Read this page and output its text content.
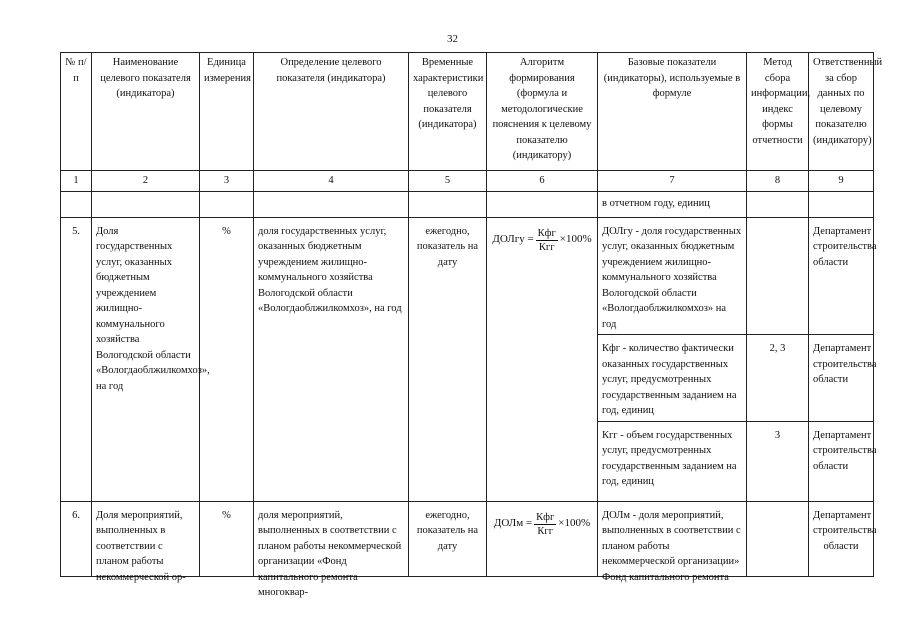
32
№ п/п	Наименование целевого показателя (индикатора)	Единица измерения	Определение целевого показателя (индикатора)	Временные характеристики целевого показателя (индикатора)	Алгоритм формирования (формула и методологические пояснения к целевому показателю (индикатору)	Базовые показатели (индикаторы), используемые в формуле	Метод сбора информации, индекс формы отчетности	Ответственный за сбор данных по целевому показателю (индикатору)
1	2	3	4	5	6	7	8	9
						в отчетном году, единиц		
5.	Доля государственных услуг, оказанных бюджетным учреждением жилищно-коммунального хозяйства Вологодской области «Вологдаоблжилкомхоз», на год	%	доля государственных услуг, оказанных бюджетным учреждением жилищно-коммунального хозяйства Вологодской области «Вологдаоблжилкомхоз», на год	ежегодно, показатель на дату	ДОЛгу = $\frac{\text{Кфг}}{\text{Кгг}} \times 100\%$	ДОЛгу - доля государственных услуг, оказанных бюджетным учреждением жилищно-коммунального хозяйства Вологодской области «Вологдаоблжилкомхоз» на год		Департамент строительства области
						Кфг - количество фактически оказанных государственных услуг, предусмотренных государственным заданием на год, единиц	2, 3	Департамент строительства области
						Кгг - объем государственных услуг, предусмотренных государственным заданием на год, единиц	3	Департамент строительства области

6.	Доля мероприятий, выполненных в соответствии с планом работы некоммерческой ор-	%	доля мероприятий, выполненных в соответствии с планом работы некоммерческой организации «Фонд капитального ремонта многоквар-	ежегодно, показатель на дату	ДОЛм = $\frac{\text{Кфг}}{\text{Кгг}} \times 100\%$	ДОЛм - доля мероприятий, выполненных в соответствии с планом работы некоммерческой организации» Фонд капитального ремонта		Департамент строительства области
